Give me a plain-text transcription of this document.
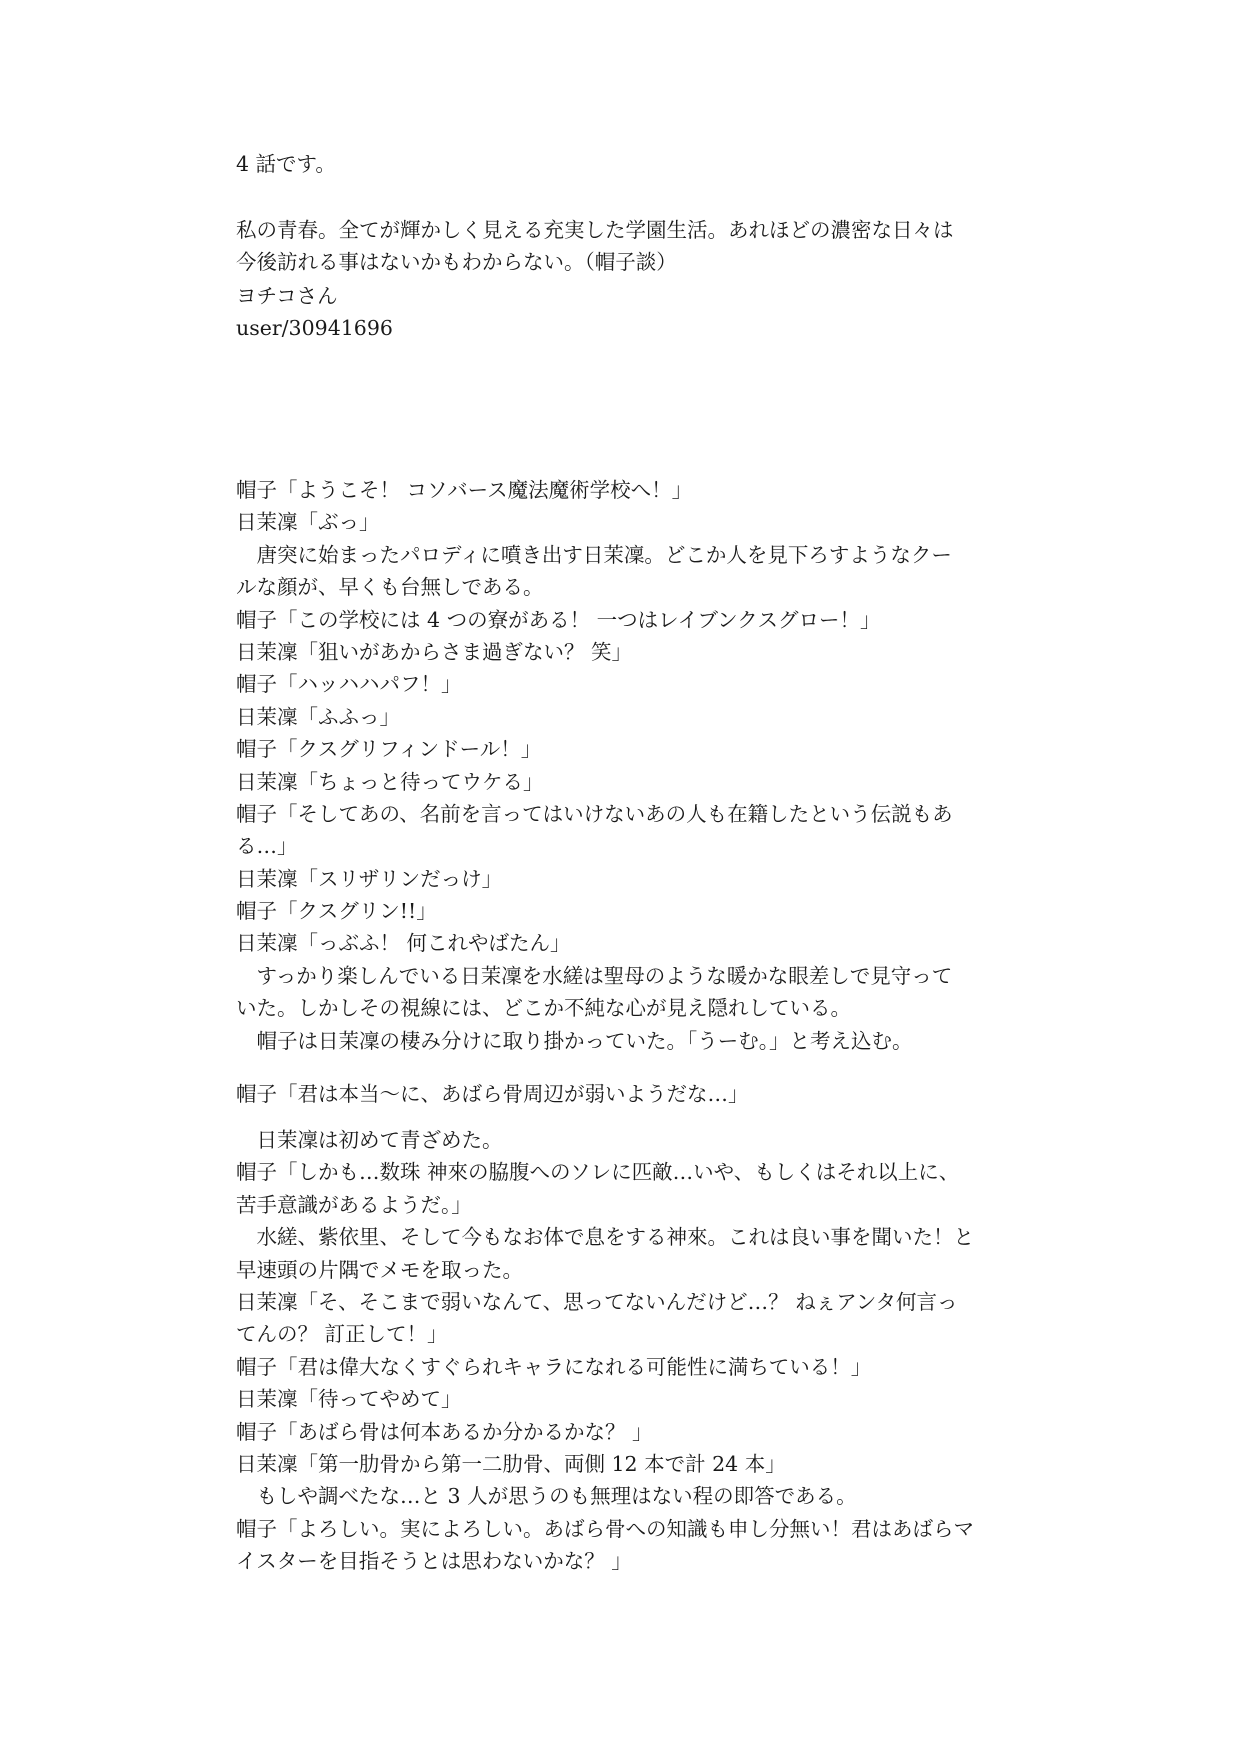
4 話です。
私の青春。全てが輝かしく見える充実した学園生活。あれほどの濃密な日々は
今後訪れる事はないかもわからない。（帽子談）
ヨチコさん
user/30941696
帽子「ようこそ！ コソバース魔法魔術学校へ！」
日茉凜「ぶっ」
　唐突に始まったパロディに噴き出す日茉凜。どこか人を見下ろすようなクー
ルな顔が、早くも台無しである。
帽子「この学校には 4 つの寮がある！ 一つはレイブンクスグロー！」
日茉凜「狙いがあからさま過ぎない？ 笑」
帽子「ハッハハパフ！」
日茉凜「ふふっ」
帽子「クスグリフィンドール！」
日茉凜「ちょっと待ってウケる」
帽子「そしてあの、名前を言ってはいけないあの人も在籍したという伝説もあ
る…」
日茉凜「スリザリンだっけ」
帽子「クスグリン!!」
日茉凜「っぶふ！ 何これやばたん」
　すっかり楽しんでいる日茉凜を水縒は聖母のような暖かな眼差しで見守って
いた。しかしその視線には、どこか不純な心が見え隠れしている。
　帽子は日茉凜の棲み分けに取り掛かっていた。「うーむ。」と考え込む。
帽子「君は本当〜に、あばら骨周辺が弱いようだな…」
　日茉凜は初めて青ざめた。
帽子「しかも…数珠 神來の脇腹へのソレに匹敵…いや、もしくはそれ以上に、
苦手意識があるようだ。」
　水縒、紫依里、そして今もなお体で息をする神來。これは良い事を聞いた！と
早速頭の片隅でメモを取った。
日茉凜「そ、そこまで弱いなんて、思ってないんだけど…？ ねぇアンタ何言っ
てんの？ 訂正して！」
帽子「君は偉大なくすぐられキャラになれる可能性に満ちている！」
日茉凜「待ってやめて」
帽子「あばら骨は何本あるか分かるかな？ 」
日茉凜「第一肋骨から第一二肋骨、両側 12 本で計 24 本」
　もしや調べたな…と 3 人が思うのも無理はない程の即答である。
帽子「よろしい。実によろしい。あばら骨への知識も申し分無い！君はあばらマ
イスターを目指そうとは思わないかな？ 」
